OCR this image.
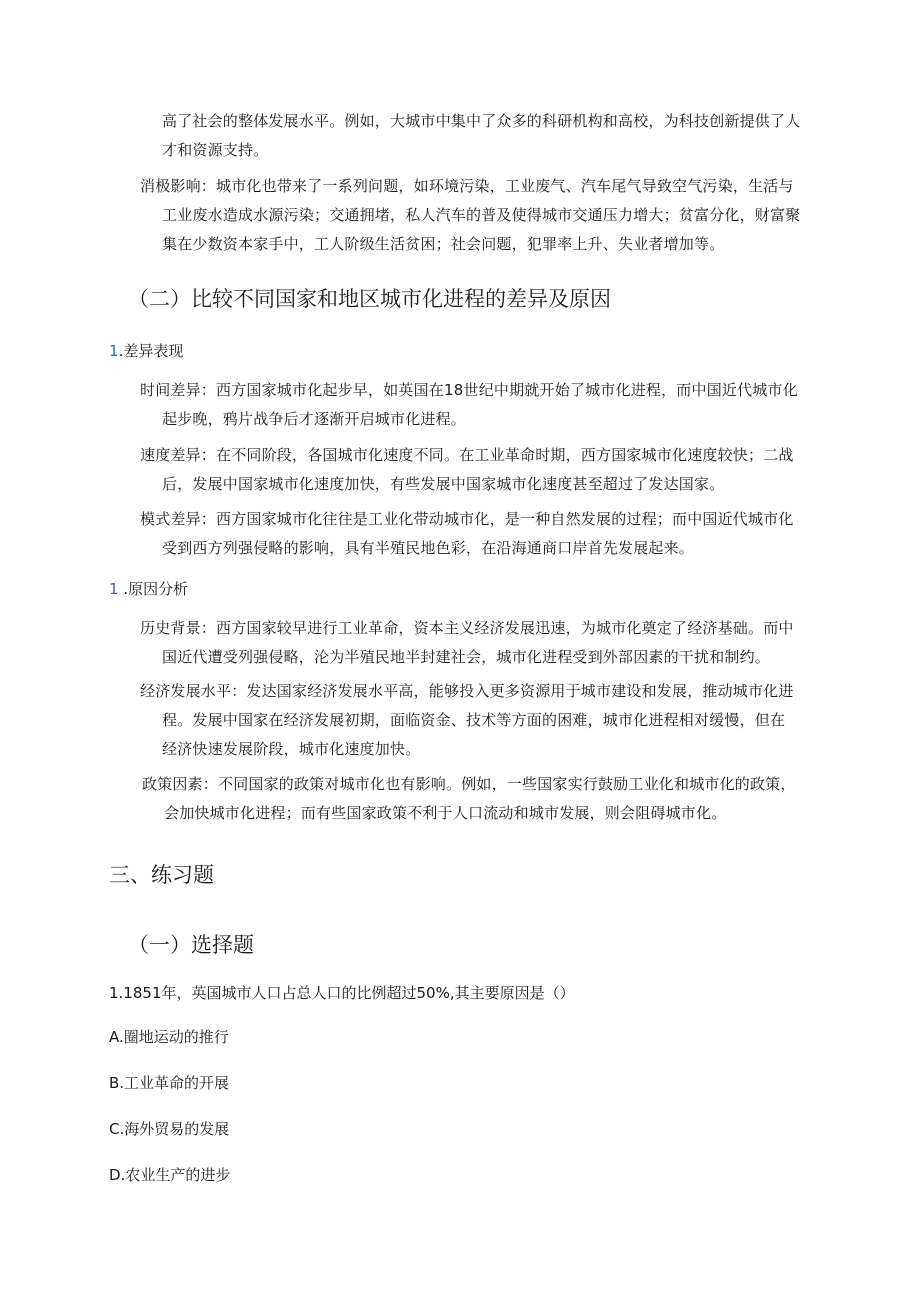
高了社会的整体发展水平。例如，大城市中集中了众多的科研机构和高校，为科技创新提供了人
才和资源支持。
消极影响：城市化也带来了一系列问题，如环境污染，工业废气、汽车尾气导致空气污染，生活与
工业废水造成水源污染；交通拥堵，私人汽车的普及使得城市交通压力增大；贫富分化，财富聚
集在少数资本家手中，工人阶级生活贫困；社会问题，犯罪率上升、失业者增加等。
（二）比较不同国家和地区城市化进程的差异及原因
1.差异表现
时间差异：西方国家城市化起步早，如英国在18世纪中期就开始了城市化进程，而中国近代城市化
起步晚，鸦片战争后才逐渐开启城市化进程。
速度差异：在不同阶段，各国城市化速度不同。在工业革命时期，西方国家城市化速度较快；二战
后，发展中国家城市化速度加快，有些发展中国家城市化速度甚至超过了发达国家。
模式差异：西方国家城市化往往是工业化带动城市化，是一种自然发展的过程；而中国近代城市化
受到西方列强侵略的影响，具有半殖民地色彩，在沿海通商口岸首先发展起来。
1 .原因分析
历史背景：西方国家较早进行工业革命，资本主义经济发展迅速，为城市化奠定了经济基础。而中
国近代遭受列强侵略，沦为半殖民地半封建社会，城市化进程受到外部因素的干扰和制约。
经济发展水平：发达国家经济发展水平高，能够投入更多资源用于城市建设和发展，推动城市化进
程。发展中国家在经济发展初期，面临资金、技术等方面的困难，城市化进程相对缓慢，但在
经济快速发展阶段，城市化速度加快。
政策因素：不同国家的政策对城市化也有影响。例如，一些国家实行鼓励工业化和城市化的政策，
会加快城市化进程；而有些国家政策不利于人口流动和城市发展，则会阻碍城市化。
三、练习题
（一）选择题
1.1851年，英国城市人口占总人口的比例超过50%,其主要原因是（）
A.圈地运动的推行
B.工业革命的开展
C.海外贸易的发展
D.农业生产的进步
